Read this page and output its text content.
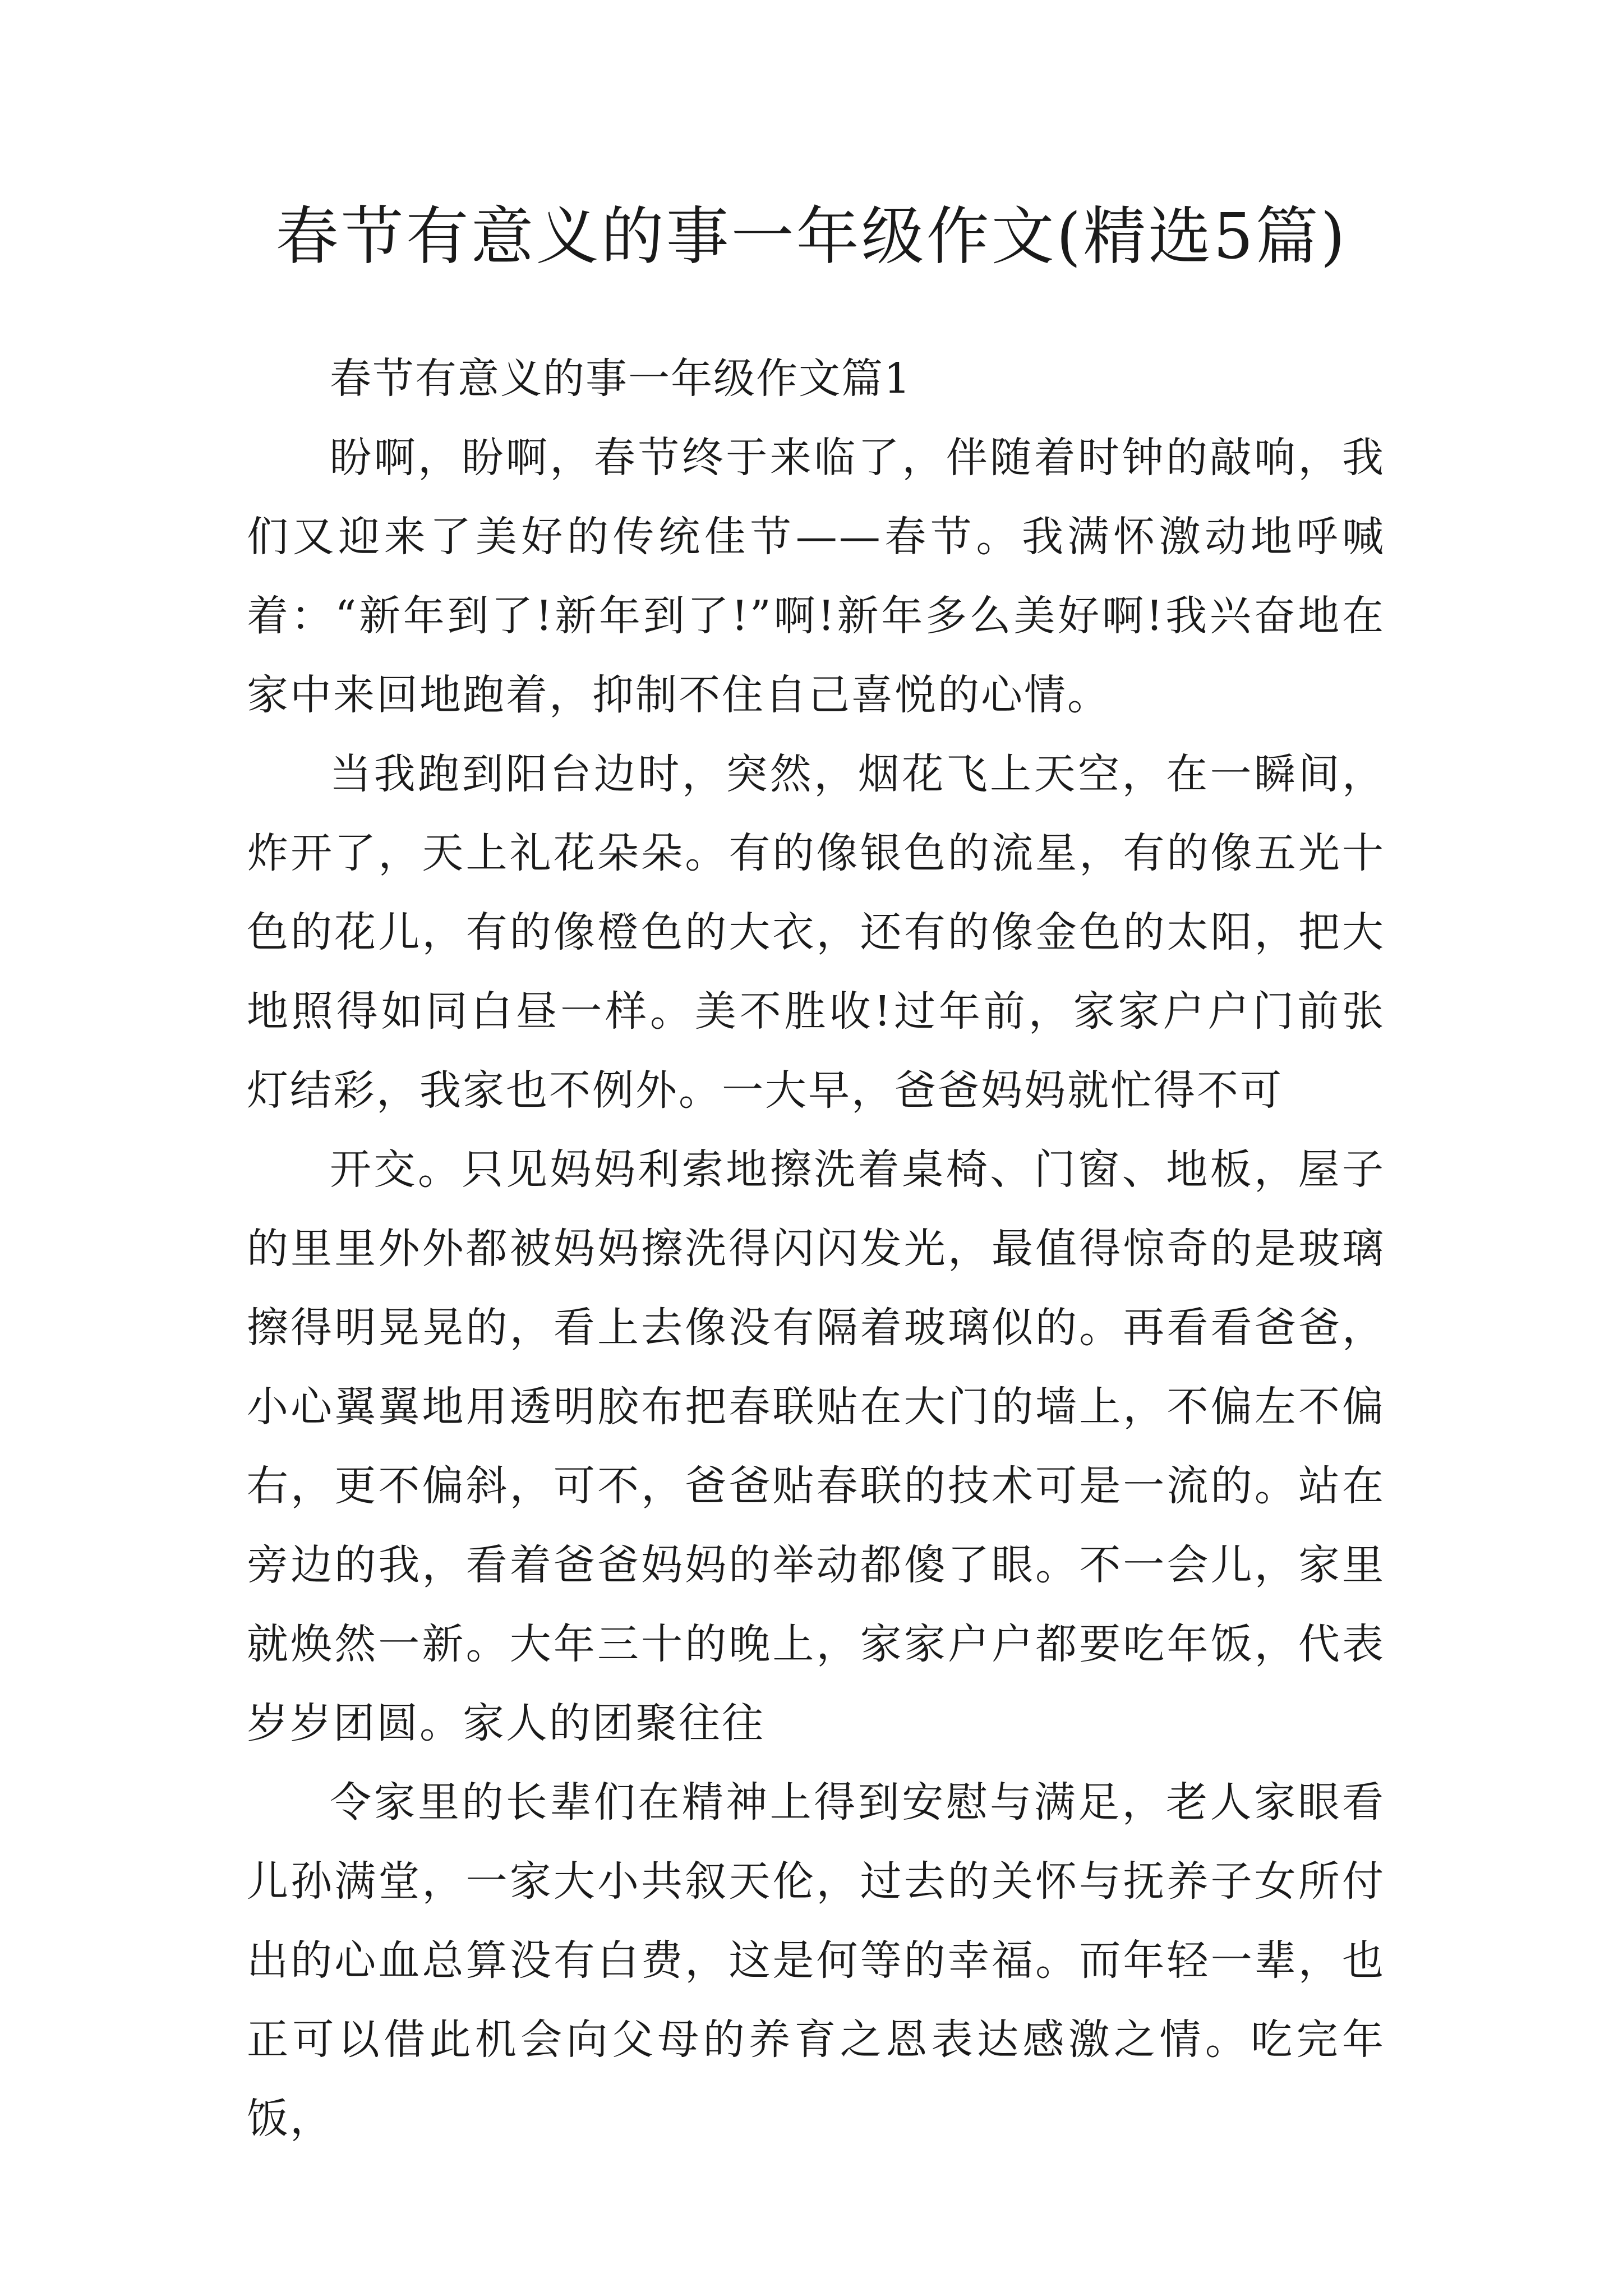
春节有意义的事一年级作文(精选5篇)

春节有意义的事一年级作文篇1

盼啊，盼啊，春节终于来临了，伴随着时钟的敲响，我们又迎来了美好的传统佳节——春节。我满怀激动地呼喊着：“新年到了!新年到了!”啊!新年多么美好啊!我兴奋地在家中来回地跑着，抑制不住自己喜悦的心情。

当我跑到阳台边时，突然，烟花飞上天空，在一瞬间，炸开了，天上礼花朵朵。有的像银色的流星，有的像五光十色的花儿，有的像橙色的大衣，还有的像金色的太阳，把大地照得如同白昼一样。美不胜收!过年前，家家户户门前张灯结彩，我家也不例外。一大早，爸爸妈妈就忙得不可

开交。只见妈妈利索地擦洗着桌椅、门窗、地板，屋子的里里外外都被妈妈擦洗得闪闪发光，最值得惊奇的是玻璃擦得明晃晃的，看上去像没有隔着玻璃似的。再看看爸爸，小心翼翼地用透明胶布把春联贴在大门的墙上，不偏左不偏右，更不偏斜，可不，爸爸贴春联的技术可是一流的。站在旁边的我，看着爸爸妈妈的举动都傻了眼。不一会儿，家里就焕然一新。大年三十的晚上，家家户户都要吃年饭，代表岁岁团圆。家人的团聚往往

令家里的长辈们在精神上得到安慰与满足，老人家眼看儿孙满堂，一家大小共叙天伦，过去的关怀与抚养子女所付出的心血总算没有白费，这是何等的幸福。而年轻一辈，也正可以借此机会向父母的养育之恩表达感激之情。吃完年饭，
